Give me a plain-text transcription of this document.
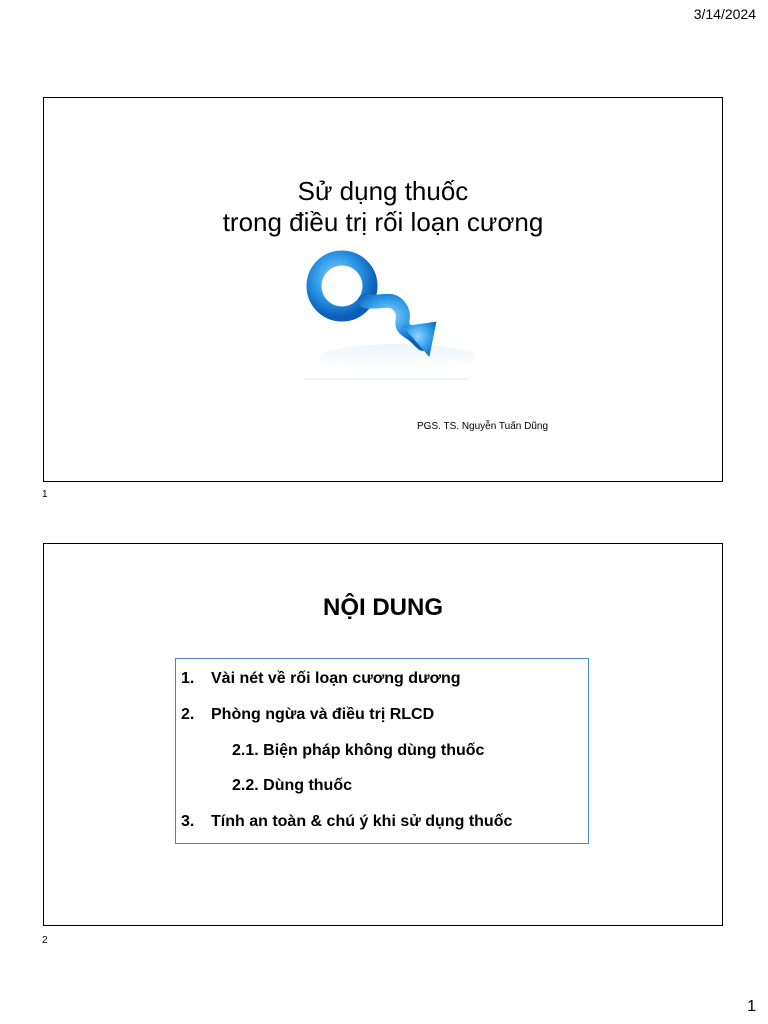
3/14/2024
Sử dụng thuốc
trong điều trị rối loạn cương
PGS. TS. Nguyễn Tuấn Dũng
1
NỘI DUNG
1. Vài nét về rối loạn cương dương
2. Phòng ngừa và điều trị RLCD
2.1. Biện pháp không dùng thuốc
2.2. Dùng thuốc
3. Tính an toàn & chú ý khi sử dụng thuốc
2
1
